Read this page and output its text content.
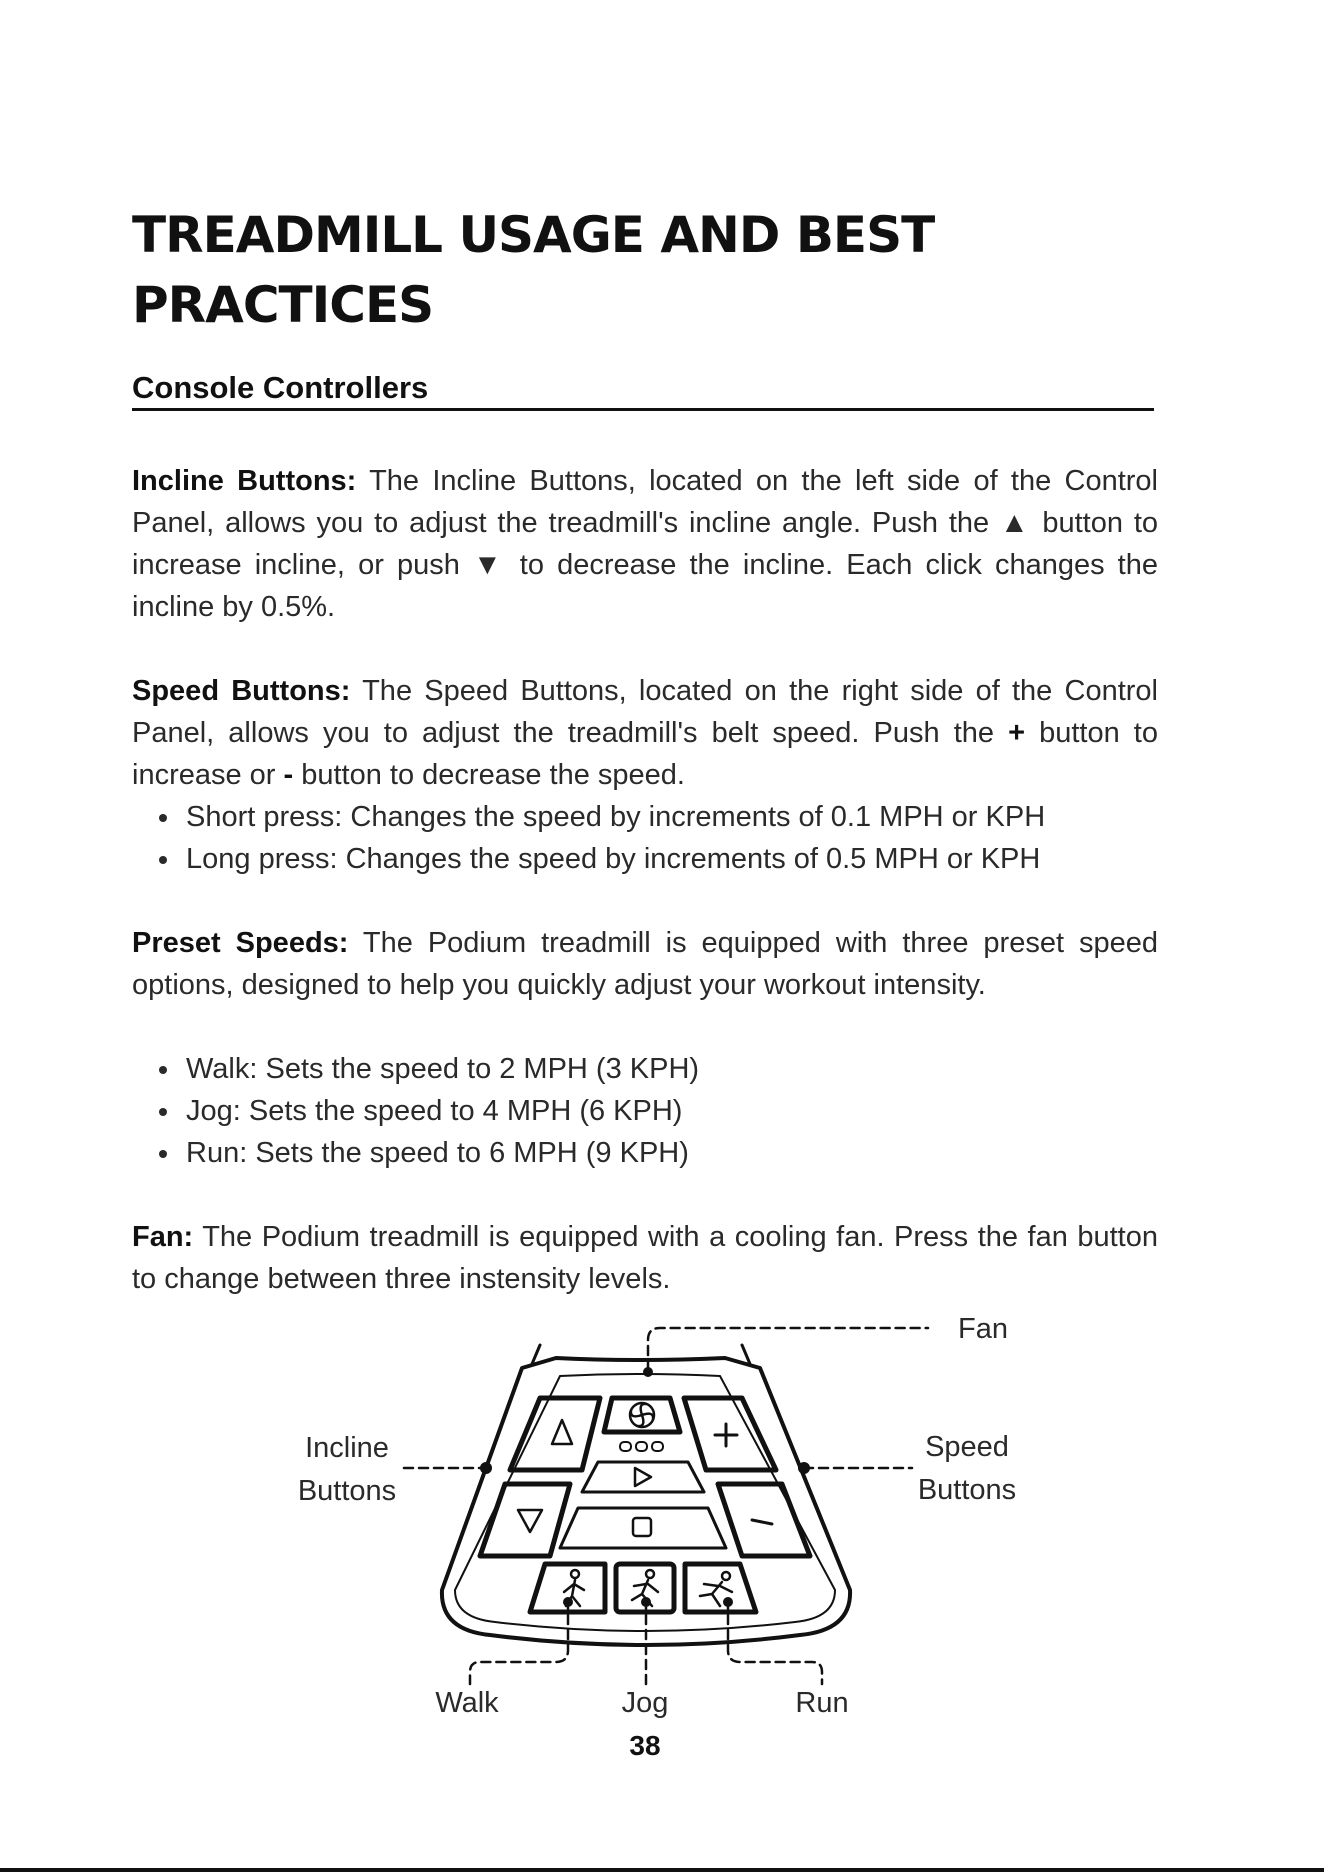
TREADMILL USAGE AND BEST PRACTICES
Console Controllers

Incline Buttons: The Incline Buttons, located on the left side of the Control Panel, allows you to adjust the treadmill's incline angle. Push the ▲ button to increase incline, or push ▼ to decrease the incline. Each click changes the incline by 0.5%.

Speed Buttons: The Speed Buttons, located on the right side of the Control Panel, allows you to adjust the treadmill's belt speed. Push the + button to increase or - button to decrease the speed.

• Short press: Changes the speed by increments of 0.1 MPH or KPH
• Long press: Changes the speed by increments of 0.5 MPH or KPH

Preset Speeds: The Podium treadmill is equipped with three preset speed options, designed to help you quickly adjust your workout intensity.

• Walk: Sets the speed to 2 MPH (3 KPH)
• Jog: Sets the speed to 4 MPH (6 KPH)
• Run: Sets the speed to 6 MPH (9 KPH)

Fan: The Podium treadmill is equipped with a cooling fan. Press the fan button to change between three instensity levels.

Fan
Incline
Buttons
Speed
Buttons
Walk	Jog	Run
38
